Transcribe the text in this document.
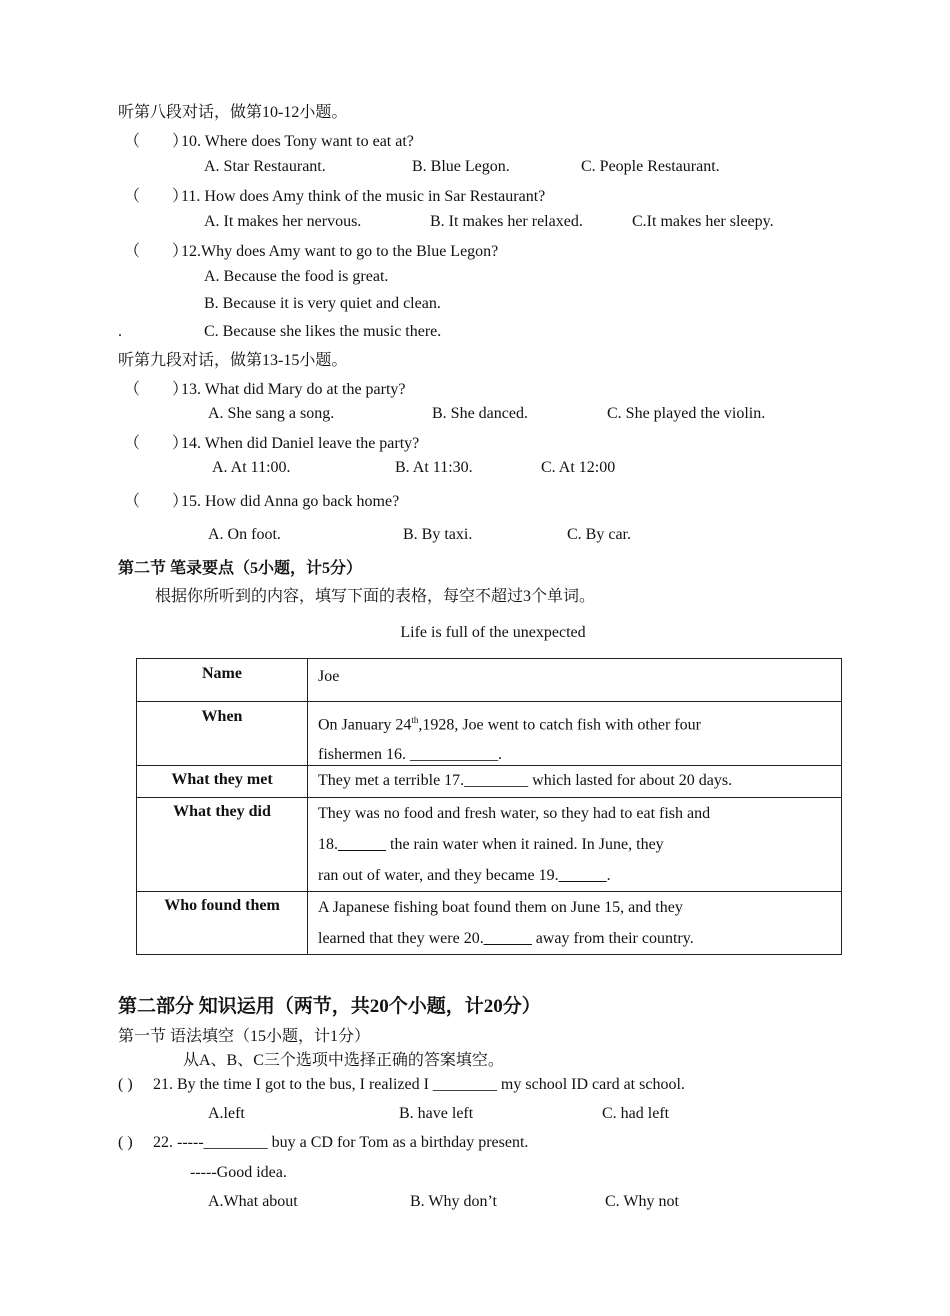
听第八段对话，做第10-12小题。
（　　）
10. Where does Tony want to eat at?
A. Star Restaurant.	B. Blue Legon.	C. People Restaurant.
（　　）
11. How does Amy think of the music in Sar Restaurant?
A. It makes her nervous.	B. It makes her relaxed.	C.It makes her sleepy.
（　　）
12.Why does Amy want to go to the Blue Legon?
A. Because the food is great.
B. Because it is very quiet and clean.
.	C. Because she likes the music there.
听第九段对话，做第13-15小题。
（　　）
13. What did Mary do at the party?
A. She sang a song.	B. She danced.	C. She played the violin.
（　　）
14. When did Daniel leave the party?
A. At 11:00.	B. At 11:30.	C. At 12:00
（　　）
15. How did Anna go back home?
A. On foot.	B. By taxi.	C. By car.
第二节 笔录要点（5小题，计5分）
根据你所听到的内容，填写下面的表格，每空不超过3个单词。
Life is full of the unexpected
Name	Joe
When	On January 24th,1928, Joe went to catch fish with other four
fishermen 16. ___________.

What they met	They met a terrible 17.________ which lasted for about 20 days.
What they did	They was no food and fresh water, so they had to eat fish and
18.______ the rain water when it rained. In June, they
ran out of water, and they became 19.______.

Who found them	A Japanese fishing boat found them on June 15, and they
learned that they were 20.______ away from their country.
第二部分 知识运用（两节，共20个小题，计20分）
第一节 语法填空（15小题，计1分）
从A、B、C三个选项中选择正确的答案填空。
( ) 21. By the time I got to the bus, I realized I ________ my school ID card at school.
A.left	B. have left	C. had left
( ) 22. -----________ buy a CD for Tom as a birthday present.
-----Good idea.
A.What about	B. Why don’t	C. Why not
